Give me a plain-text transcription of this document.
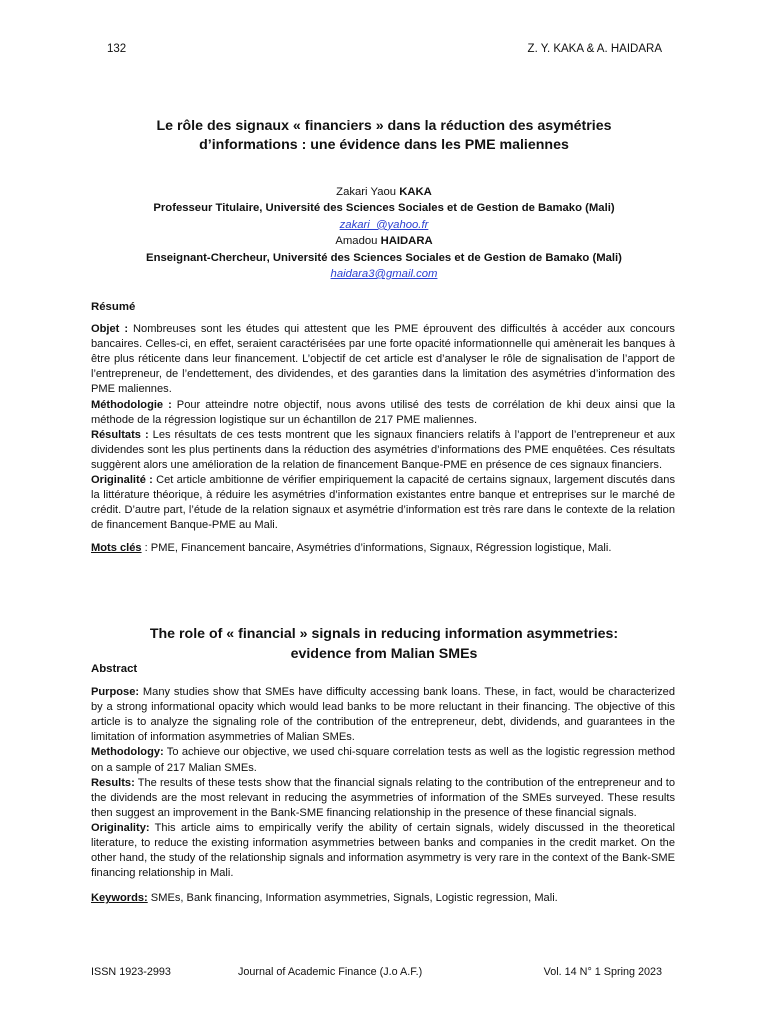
132	Z. Y. KAKA & A. HAIDARA
Le rôle des signaux « financiers » dans la réduction des asymétries
d’informations : une évidence dans les PME maliennes
Zakari Yaou KAKA
Professeur Titulaire, Université des Sciences Sociales et de Gestion de Bamako (Mali)
zakari_@yahoo.fr
Amadou HAIDARA
Enseignant-Chercheur, Université des Sciences Sociales et de Gestion de Bamako (Mali)
haidara3@gmail.com
Résumé

Objet : Nombreuses sont les études qui attestent que les PME éprouvent des difficultés à accéder aux concours bancaires. Celles-ci, en effet, seraient caractérisées par une forte opacité informationnelle qui amènerait les banques à être plus réticente dans leur financement. L’objectif de cet article est d’analyser le rôle de signalisation de l’apport de l’entrepreneur, de l’endettement, des dividendes, et des garanties dans la limitation des asymétries d’information des PME maliennes.

Méthodologie : Pour atteindre notre objectif, nous avons utilisé des tests de corrélation de khi deux ainsi que la méthode de la régression logistique sur un échantillon de 217 PME maliennes.

Résultats : Les résultats de ces tests montrent que les signaux financiers relatifs à l’apport de l’entrepreneur et aux dividendes sont les plus pertinents dans la réduction des asymétries d’informations des PME enquêtées. Ces résultats suggèrent alors une amélioration de la relation de financement Banque-PME en présence de ces signaux financiers.

Originalité : Cet article ambitionne de vérifier empiriquement la capacité de certains signaux, largement discutés dans la littérature théorique, à réduire les asymétries d’information existantes entre banque et entreprises sur le marché de crédit. D’autre part, l’étude de la relation signaux et asymétrie d’information est très rare dans le contexte de la relation de financement Banque-PME au Mali.

Mots clés : PME, Financement bancaire, Asymétries d’informations, Signaux, Régression logistique, Mali.

The role of « financial » signals in reducing information asymmetries:
evidence from Malian SMEs
Abstract

Purpose: Many studies show that SMEs have difficulty accessing bank loans. These, in fact, would be characterized by a strong informational opacity which would lead banks to be more reluctant in their financing. The objective of this article is to analyze the signaling role of the contribution of the entrepreneur, debt, dividends, and guarantees in the limitation of information asymmetries of Malian SMEs.

Methodology: To achieve our objective, we used chi-square correlation tests as well as the logistic regression method on a sample of 217 Malian SMEs.

Results: The results of these tests show that the financial signals relating to the contribution of the entrepreneur and to the dividends are the most relevant in reducing the asymmetries of information of the SMEs surveyed. These results then suggest an improvement in the Bank-SME financing relationship in the presence of these financial signals.

Originality: This article aims to empirically verify the ability of certain signals, widely discussed in the theoretical literature, to reduce the existing information asymmetries between banks and companies in the credit market. On the other hand, the study of the relationship signals and information asymmetry is very rare in the context of the Bank-SME financing relationship in Mali.

Keywords: SMEs, Bank financing, Information asymmetries, Signals, Logistic regression, Mali.

ISSN 1923-2993	Journal of Academic Finance (J.o A.F.)	Vol. 14 N° 1 Spring 2023
